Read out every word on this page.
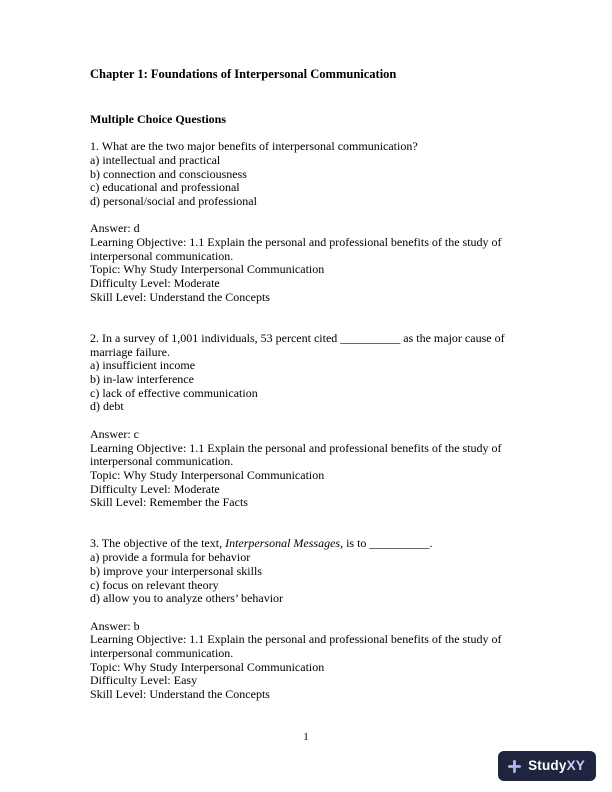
Chapter 1: Foundations of Interpersonal Communication

Multiple Choice Questions

1. What are the two major benefits of interpersonal communication?

a) intellectual and practical

b) connection and consciousness

c) educational and professional

d) personal/social and professional

Answer: d

Learning Objective: 1.1 Explain the personal and professional benefits of the study of interpersonal communication.

Topic: Why Study Interpersonal Communication

Difficulty Level: Moderate

Skill Level: Understand the Concepts

2. In a survey of 1,001 individuals, 53 percent cited __________ as the major cause of marriage failure.

a) insufficient income

b) in-law interference

c) lack of effective communication

d) debt

Answer: c

Learning Objective: 1.1 Explain the personal and professional benefits of the study of interpersonal communication.

Topic: Why Study Interpersonal Communication

Difficulty Level: Moderate

Skill Level: Remember the Facts

3. The objective of the text, Interpersonal Messages, is to __________.

a) provide a formula for behavior

b) improve your interpersonal skills

c) focus on relevant theory

d) allow you to analyze others’ behavior

Answer: b

Learning Objective: 1.1 Explain the personal and professional benefits of the study of interpersonal communication.

Topic: Why Study Interpersonal Communication

Difficulty Level: Easy

Skill Level: Understand the Concepts

1
StudyXY
